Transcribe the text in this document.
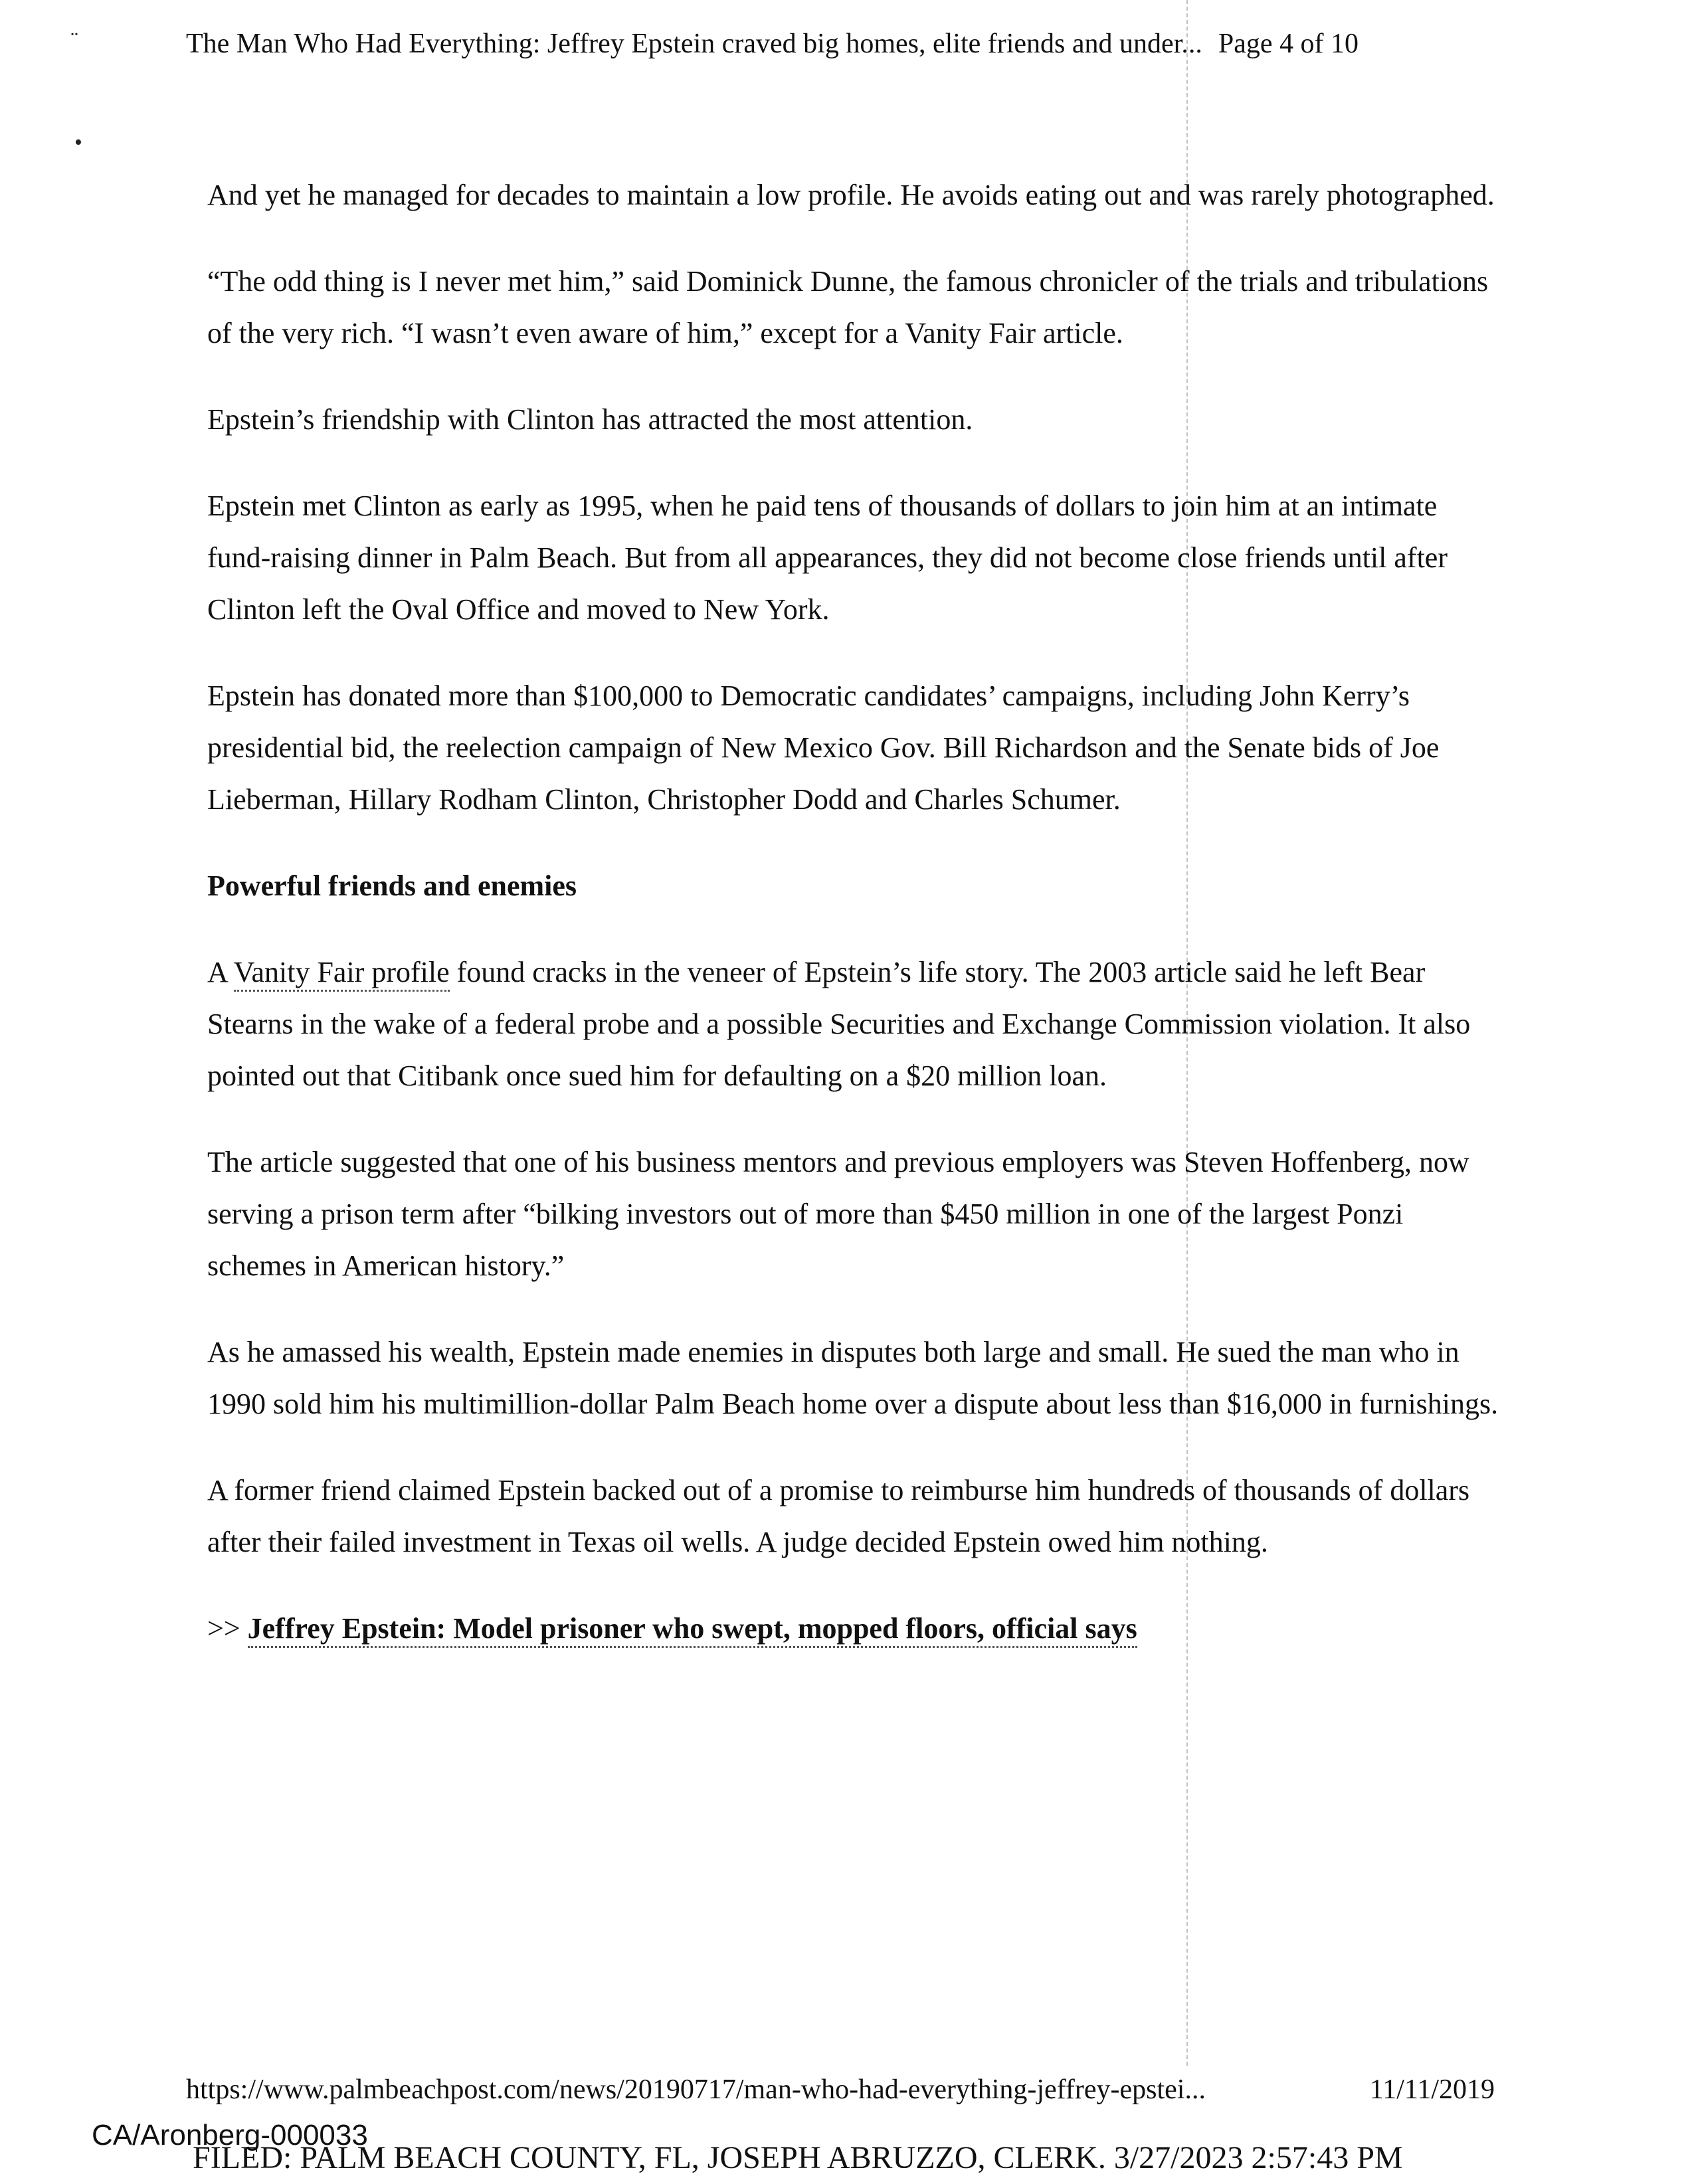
•
The Man Who Had Everything: Jeffrey Epstein craved big homes, elite friends and under... Page 4 of 10

And yet he managed for decades to maintain a low profile. He avoids eating out and was rarely photographed.

“The odd thing is I never met him,” said Dominick Dunne, the famous chronicler of the trials and tribulations of the very rich. “I wasn’t even aware of him,” except for a Vanity Fair article.

Epstein’s friendship with Clinton has attracted the most attention.

Epstein met Clinton as early as 1995, when he paid tens of thousands of dollars to join him at an intimate fund-raising dinner in Palm Beach. But from all appearances, they did not become close friends until after Clinton left the Oval Office and moved to New York.

Epstein has donated more than $100,000 to Democratic candidates’ campaigns, including John Kerry’s presidential bid, the reelection campaign of New Mexico Gov. Bill Richardson and the Senate bids of Joe Lieberman, Hillary Rodham Clinton, Christopher Dodd and Charles Schumer.

Powerful friends and enemies

A Vanity Fair profile found cracks in the veneer of Epstein’s life story. The 2003 article said he left Bear Stearns in the wake of a federal probe and a possible Securities and Exchange Commission violation. It also pointed out that Citibank once sued him for defaulting on a $20 million loan.

The article suggested that one of his business mentors and previous employers was Steven Hoffenberg, now serving a prison term after “bilking investors out of more than $450 million in one of the largest Ponzi schemes in American history.”

As he amassed his wealth, Epstein made enemies in disputes both large and small. He sued the man who in 1990 sold him his multimillion-dollar Palm Beach home over a dispute about less than $16,000 in furnishings.

A former friend claimed Epstein backed out of a promise to reimburse him hundreds of thousands of dollars after their failed investment in Texas oil wells. A judge decided Epstein owed him nothing.

>> Jeffrey Epstein: Model prisoner who swept, mopped floors, official says

https://www.palmbeachpost.com/news/20190717/man-who-had-everything-jeffrey-epstei...	11/11/2019
CA/Aronberg-000033
FILED: PALM BEACH COUNTY, FL, JOSEPH ABRUZZO, CLERK. 3/27/2023 2:57:43 PM
